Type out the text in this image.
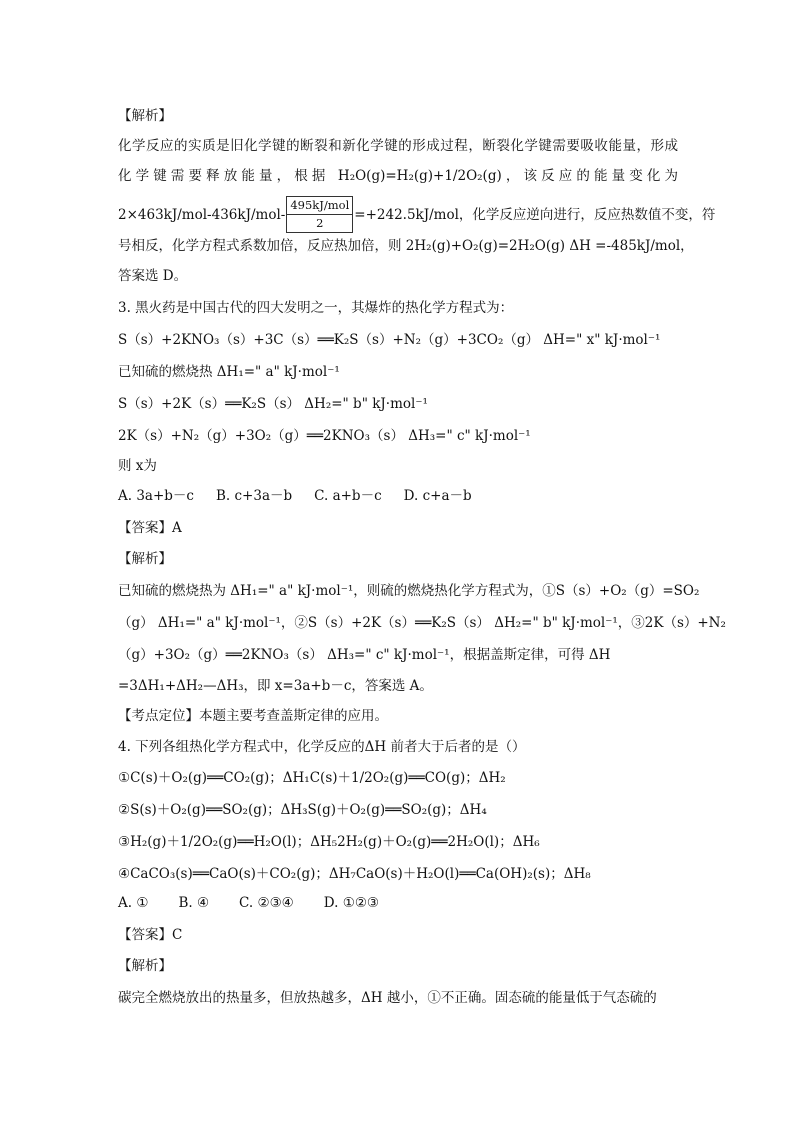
【解析】
化学反应的实质是旧化学键的断裂和新化学键的形成过程，断裂化学键需要吸收能量，形成
化学键需要释放能量，根据 H₂O(g)=H₂(g)+1/2O₂(g)，该反应的能量变化为
$2\times 463kJ/mol-436kJ/mol- \frac{\text{495kJ/mol}}{2} =+242.5kJ/mol$，化学反应逆向进行，反应热数值不变，符
号相反，化学方程式系数加倍，反应热加倍，则 2H₂(g)+O₂(g)=2H₂O(g) ΔH =-485kJ/mol，
答案选 D。
3. 黑火药是中国古代的四大发明之一，其爆炸的热化学方程式为：
S（s）+2KNO₃（s）+3C（s）══K₂S（s）+N₂（g）+3CO₂（g） ΔH=" x" kJ·mol⁻¹
已知硫的燃烧热 ΔH₁=" a" kJ·mol⁻¹
S（s）+2K（s）══K₂S（s） ΔH₂=" b" kJ·mol⁻¹
2K（s）+N₂（g）+3O₂（g）══2KNO₃（s） ΔH₃=" c" kJ·mol⁻¹
则 x为
A. 3a+b－c B. c+3a－b C. a+b－c D. c+a－b
【答案】A
【解析】
已知硫的燃烧热为 ΔH₁=" a" kJ·mol⁻¹，则硫的燃烧热化学方程式为，①S（s）+O₂（g）=SO₂
（g） ΔH₁=" a" kJ·mol⁻¹，②S（s）+2K（s）══K₂S（s） ΔH₂=" b" kJ·mol⁻¹，③2K（s）+N₂
（g）+3O₂（g）══2KNO₃（s） ΔH₃=" c" kJ·mol⁻¹，根据盖斯定律，可得 ΔH
=3ΔH₁+ΔH₂—ΔH₃，即 x=3a+b－c，答案选 A。
【考点定位】本题主要考查盖斯定律的应用。
4. 下列各组热化学方程式中，化学反应的ΔH 前者大于后者的是（）
①C(s)＋O₂(g)══CO₂(g)；ΔH₁C(s)＋1/2O₂(g)══CO(g)；ΔH₂
②S(s)＋O₂(g)══SO₂(g)；ΔH₃S(g)＋O₂(g)══SO₂(g)；ΔH₄
③H₂(g)＋1/2O₂(g)══H₂O(l)；ΔH₅2H₂(g)＋O₂(g)══2H₂O(l)；ΔH₆
④CaCO₃(s)══CaO(s)＋CO₂(g)；ΔH₇CaO(s)＋H₂O(l)══Ca(OH)₂(s)；ΔH₈
A. ① B. ④ C. ②③④ D. ①②③
【答案】C
【解析】
碳完全燃烧放出的热量多，但放热越多，ΔH 越小，①不正确。固态硫的能量低于气态硫的
